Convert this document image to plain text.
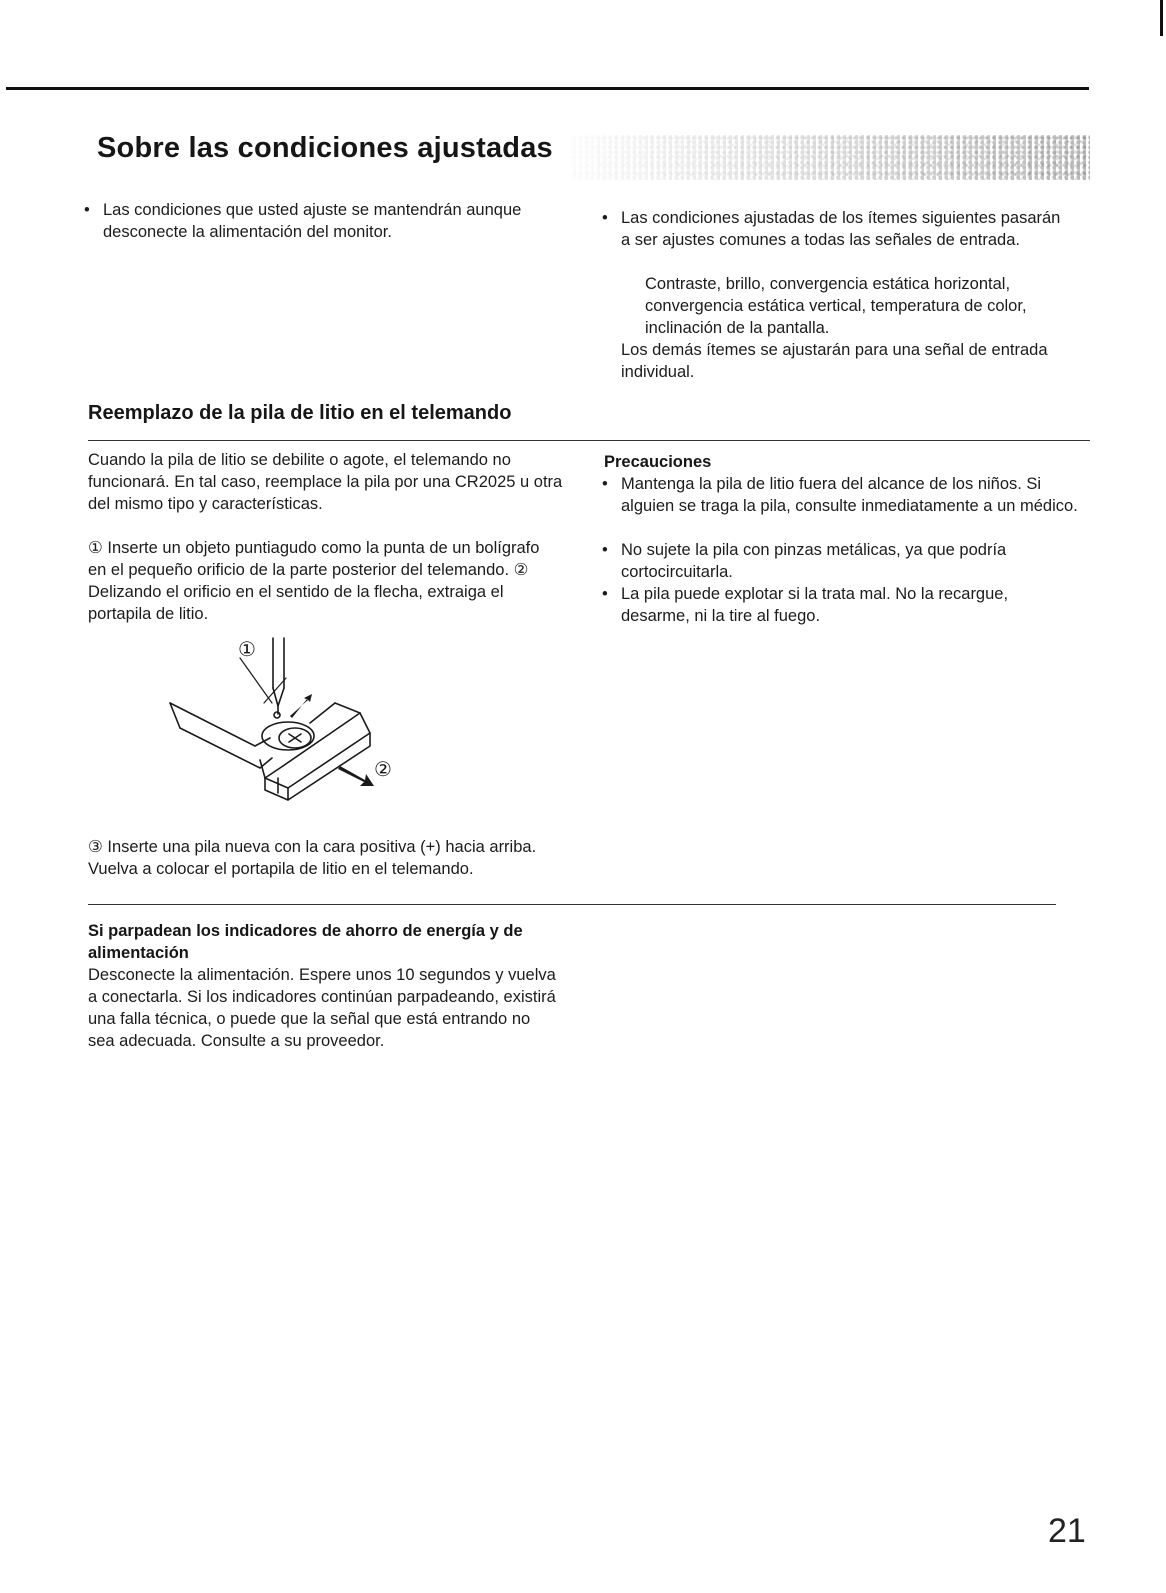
Sobre las condiciones ajustadas
• Las condiciones que usted ajuste se mantendrán aunque desconecte la alimentación del monitor.
• Las condiciones ajustadas de los ítemes siguientes pasarán a ser ajustes comunes a todas las señales de entrada.
Contraste, brillo, convergencia estática horizontal, convergencia estática vertical, temperatura de color, inclinación de la pantalla.
Los demás ítemes se ajustarán para una señal de entrada individual.
Reemplazo de la pila de litio en el telemando
Cuando la pila de litio se debilite o agote, el telemando no funcionará. En tal caso, reemplace la pila por una CR2025 u otra del mismo tipo y características.
① Inserte un objeto puntiagudo como la punta de un bolígrafo en el pequeño orificio de la parte posterior del telemando. ② Delizando el orificio en el sentido de la flecha, extraiga el portapila de litio.
①
②
③ Inserte una pila nueva con la cara positiva (+) hacia arriba. Vuelva a colocar el portapila de litio en el telemando.
Precauciones
• Mantenga la pila de litio fuera del alcance de los niños. Si alguien se traga la pila, consulte inmediatamente a un médico.
• No sujete la pila con pinzas metálicas, ya que podría cortocircuitarla.
• La pila puede explotar si la trata mal. No la recargue, desarme, ni la tire al fuego.
Si parpadean los indicadores de ahorro de energía y de alimentación
Desconecte la alimentación. Espere unos 10 segundos y vuelva a conectarla. Si los indicadores continúan parpadeando, existirá una falla técnica, o puede que la señal que está entrando no sea adecuada. Consulte a su proveedor.
21
